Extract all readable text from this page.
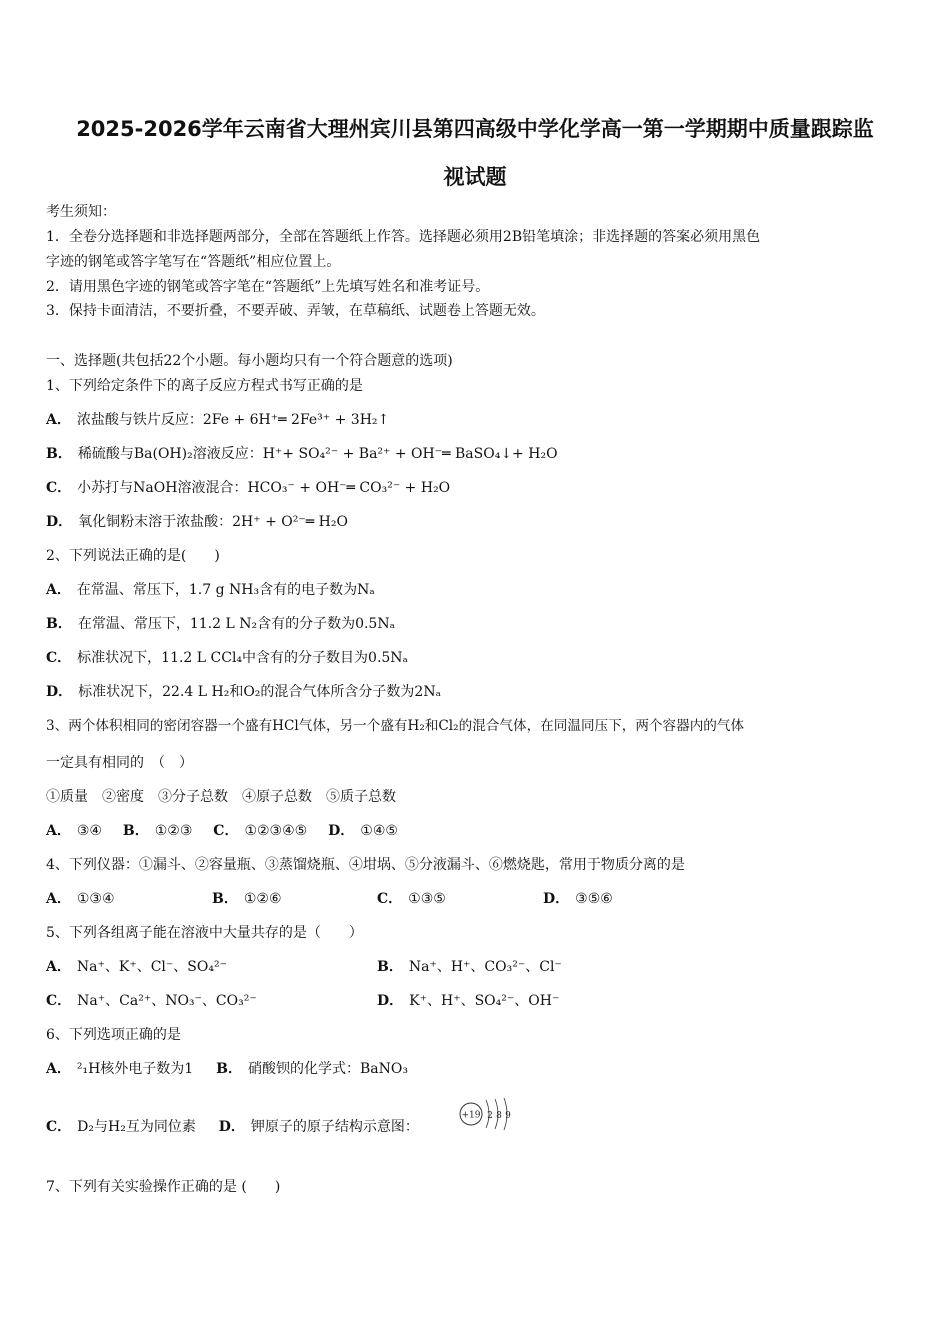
2025-2026学年云南省大理州宾川县第四高级中学化学高一第一学期期中质量跟踪监
视试题
考生须知：
1．全卷分选择题和非选择题两部分，全部在答题纸上作答。选择题必须用2B铅笔填涂；非选择题的答案必须用黑色
字迹的钢笔或答字笔写在“答题纸”相应位置上。
2．请用黑色字迹的钢笔或答字笔在“答题纸”上先填写姓名和准考证号。
3．保持卡面清洁，不要折叠，不要弄破、弄皱，在草稿纸、试题卷上答题无效。
一、选择题(共包括22个小题。每小题均只有一个符合题意的选项)
1、下列给定条件下的离子反应方程式书写正确的是
A． 浓盐酸与铁片反应：2Fe + 6H⁺═ 2Fe³⁺ + 3H₂↑
B． 稀硫酸与Ba(OH)₂溶液反应：H⁺+ SO₄²⁻ + Ba²⁺ + OH⁻═ BaSO₄↓+ H₂O
C． 小苏打与NaOH溶液混合：HCO₃⁻ + OH⁻═ CO₃²⁻ + H₂O
D． 氧化铜粉末溶于浓盐酸：2H⁺ + O²⁻═ H₂O
2、下列说法正确的是(　　)
A． 在常温、常压下，1.7 g NH₃含有的电子数为Nₐ
B． 在常温、常压下，11.2 L N₂含有的分子数为0.5Nₐ
C． 标准状况下，11.2 L CCl₄中含有的分子数目为0.5Nₐ
D． 标准状况下，22.4 L H₂和O₂的混合气体所含分子数为2Nₐ
3、两个体积相同的密闭容器一个盛有HCl气体，另一个盛有H₂和Cl₂的混合气体，在同温同压下，两个容器内的气体
一定具有相同的　（　）
①质量　②密度　③分子总数　④原子总数　⑤质子总数
A． ③④ B． ①②③ C． ①②③④⑤ D． ①④⑤
4、下列仪器：①漏斗、②容量瓶、③蒸馏烧瓶、④坩埚、⑤分液漏斗、⑥燃烧匙，常用于物质分离的是
A． ①③④	B． ①②⑥	C． ①③⑤	D． ③⑤⑥
5、下列各组离子能在溶液中大量共存的是（　　）
A． Na⁺、K⁺、Cl⁻、SO₄²⁻	B． Na⁺、H⁺、CO₃²⁻、Cl⁻
C． Na⁺、Ca²⁺、NO₃⁻、CO₃²⁻	D． K⁺、H⁺、SO₄²⁻、OH⁻
6、下列选项正确的是
A． ²₁H核外电子数为1 B． 硝酸钡的化学式：BaNO₃
C． D₂与H₂互为同位素 D． 钾原子的原子结构示意图：
+19 2 8 9
7、下列有关实验操作正确的是 (　　)
